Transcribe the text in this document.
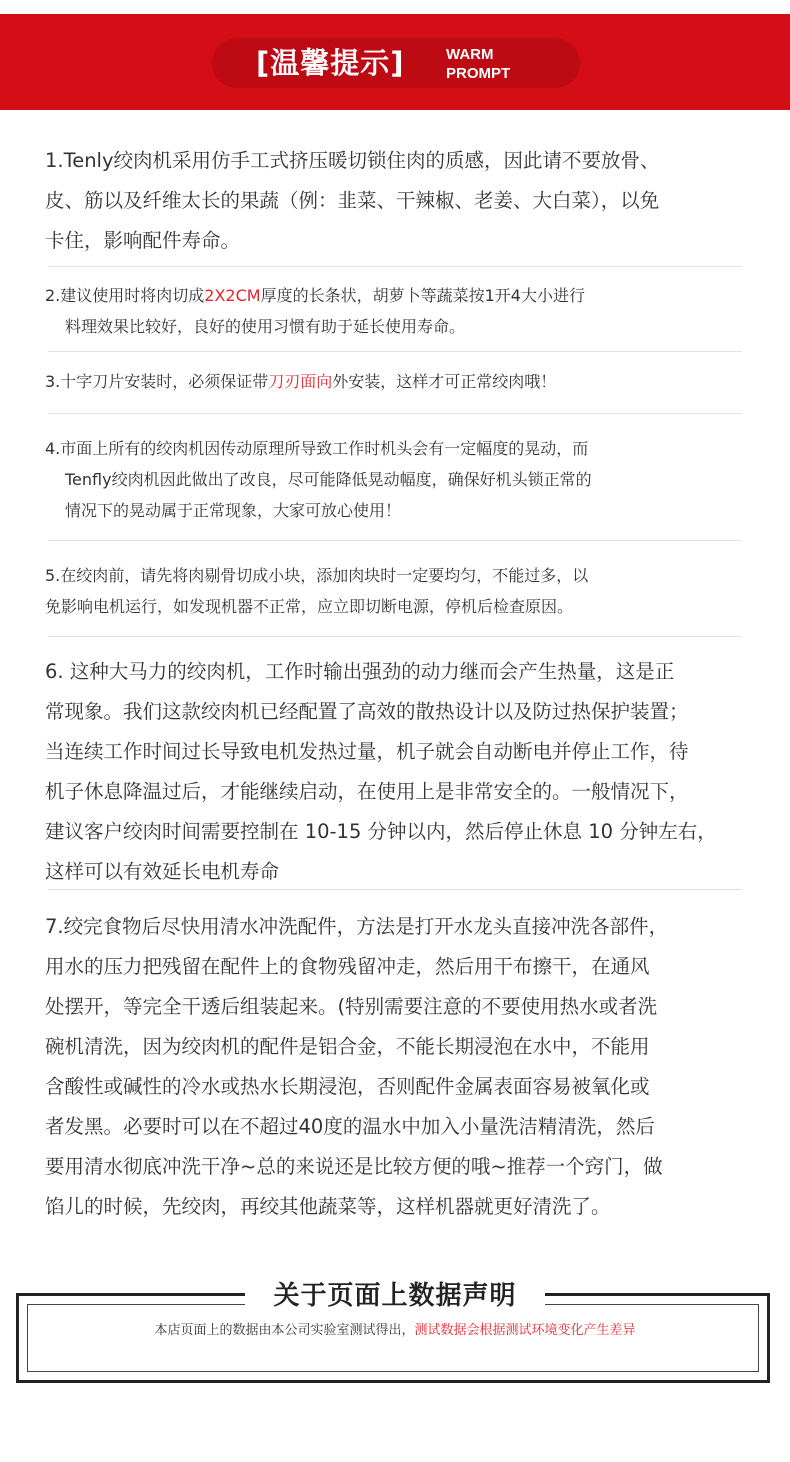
[温馨提示]	WARM
PROMPT
1.Tenly绞肉机采用仿手工式挤压暖切锁住肉的质感，因此请不要放骨、
皮、筋以及纤维太长的果蔬（例：韭菜、干辣椒、老姜、大白菜），以免
卡住，影响配件寿命。
2.建议使用时将肉切成2X2CM厚度的长条状，胡萝卜等蔬菜按1开4大小进行
料理效果比较好，良好的使用习惯有助于延长使用寿命。
3.十字刀片安装时，必须保证带刀刃面向外安装，这样才可正常绞肉哦！
4.市面上所有的绞肉机因传动原理所导致工作时机头会有一定幅度的晃动，而
Tenfly绞肉机因此做出了改良，尽可能降低晃动幅度，确保好机头锁正常的
情况下的晃动属于正常现象，大家可放心使用！
5.在绞肉前，请先将肉剔骨切成小块，添加肉块时一定要均匀，不能过多，以
免影响电机运行，如发现机器不正常，应立即切断电源，停机后检查原因。
6. 这种大马力的绞肉机，工作时输出强劲的动力继而会产生热量，这是正
常现象。我们这款绞肉机已经配置了高效的散热设计以及防过热保护装置；
当连续工作时间过长导致电机发热过量，机子就会自动断电并停止工作，待
机子休息降温过后，才能继续启动，在使用上是非常安全的。一般情况下，
建议客户绞肉时间需要控制在 10-15 分钟以内，然后停止休息 10 分钟左右，
这样可以有效延长电机寿命
7.绞完食物后尽快用清水冲洗配件，方法是打开水龙头直接冲洗各部件，
用水的压力把残留在配件上的食物残留冲走，然后用干布擦干，在通风
处摆开，等完全干透后组装起来。(特别需要注意的不要使用热水或者洗
碗机清洗，因为绞肉机的配件是铝合金，不能长期浸泡在水中，不能用
含酸性或碱性的冷水或热水长期浸泡，否则配件金属表面容易被氧化或
者发黑。必要时可以在不超过40度的温水中加入小量洗洁精清洗，然后
要用清水彻底冲洗干净~总的来说还是比较方便的哦~推荐一个窍门，做
馅儿的时候，先绞肉，再绞其他蔬菜等，这样机器就更好清洗了。
关于页面上数据声明
本店页面上的数据由本公司实验室测试得出，测试数据会根据测试环境变化产生差异
